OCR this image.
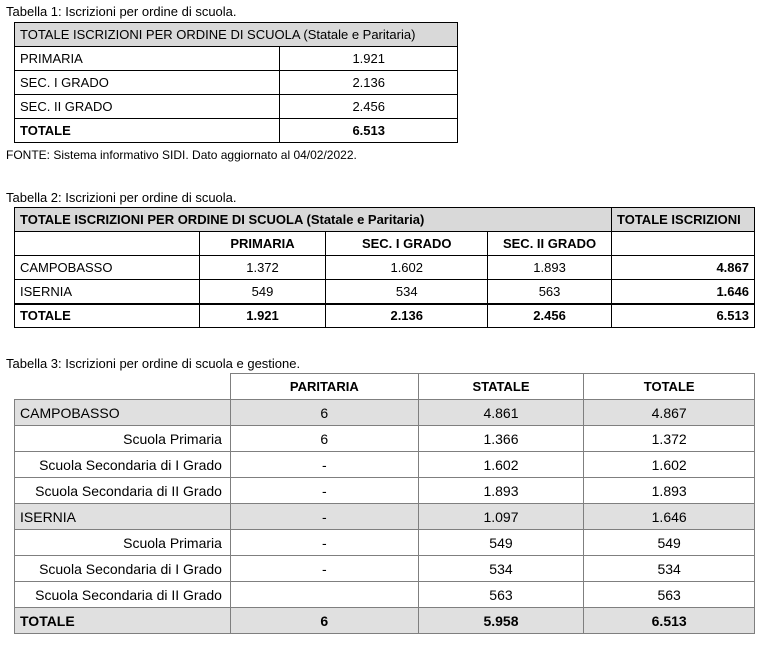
Tabella 1: Iscrizioni per ordine di scuola.
TOTALE ISCRIZIONI PER ORDINE DI SCUOLA (Statale e Paritaria)	
PRIMARIA	1.921
SEC. I GRADO	2.136
SEC. II GRADO	2.456
TOTALE	6.513
FONTE: Sistema informativo SIDI. Dato aggiornato al 04/02/2022.
Tabella 2: Iscrizioni per ordine di scuola.
TOTALE ISCRIZIONI PER ORDINE DI SCUOLA (Statale e Paritaria)				TOTALE ISCRIZIONI
	PRIMARIA	SEC. I GRADO	SEC. II GRADO	
CAMPOBASSO	1.372	1.602	1.893	4.867
ISERNIA	549	534	563	1.646
TOTALE	1.921	2.136	2.456	6.513
Tabella 3: Iscrizioni per ordine di scuola e gestione.
	PARITARIA	STATALE	TOTALE
CAMPOBASSO	6	4.861	4.867
Scuola Primaria	6	1.366	1.372
Scuola Secondaria di I Grado	-	1.602	1.602
Scuola Secondaria di II Grado	-	1.893	1.893
ISERNIA	-	1.097	1.646
Scuola Primaria	-	549	549
Scuola Secondaria di I Grado	-	534	534
Scuola Secondaria di II Grado		563	563
TOTALE	6	5.958	6.513
